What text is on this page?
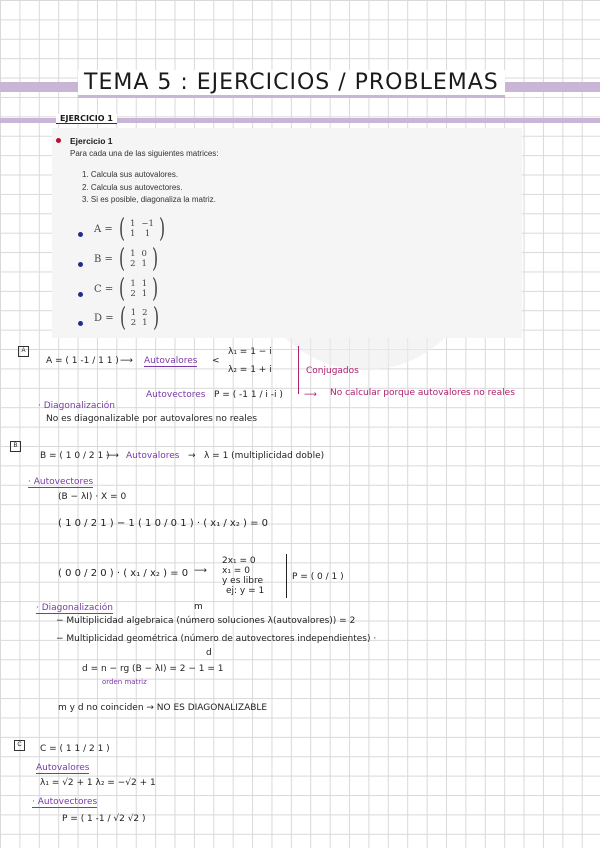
TEMA 5 : EJERCICIOS / PROBLEMAS
EJERCICIO 1
Ejercicio 1
Para cada una de las siguientes matrices:
1. Calcula sus autovalores.
2. Calcula sus autovectores.
3. Si es posible, diagonaliza la matriz.
A = ( 1	−1
1	1 )
B = ( 1	0
2	1 )
C = ( 1	1
2	1 )
D = ( 1	2
2	1 )
A
A = ( 1 -1 / 1 1 ) ⟶ Autovalores <
λ₁ = 1 − i
λ₂ = 1 + i	Conjugados
Autovectores P = ( -1 1 / i -i ) ⟶ No calcular porque autovalores no reales
· Diagonalización
No es diagonalizable por autovalores no reales
B
B = ( 1 0 / 2 1 )
⟶ Autovalores → λ = 1 (multiplicidad doble)
· Autovectores
(B − λI) · X = 0
( 1 0 / 2 1 ) − 1 ( 1 0 / 0 1 ) · ( x₁ / x₂ ) = 0
( 0 0 / 2 0 ) · ( x₁ / x₂ ) = 0 ⟶
2x₁ = 0
x₁ = 0
y es libre
ej: y = 1
P = ( 0 / 1 )
· Diagonalización	m
− Multiplicidad algebraica (número soluciones λ(autovalores)) = 2
− Multiplicidad geométrica (número de autovectores independientes) ·
d
d = n − rg (B − λI) = 2 − 1 = 1
orden matriz
m y d no coinciden → NO ES DIAGONALIZABLE
C	C = ( 1 1 / 2 1 )
Autovalores
λ₁ = √2 + 1 λ₂ = −√2 + 1
· Autovectores
P = ( 1 -1 / √2 √2 )
